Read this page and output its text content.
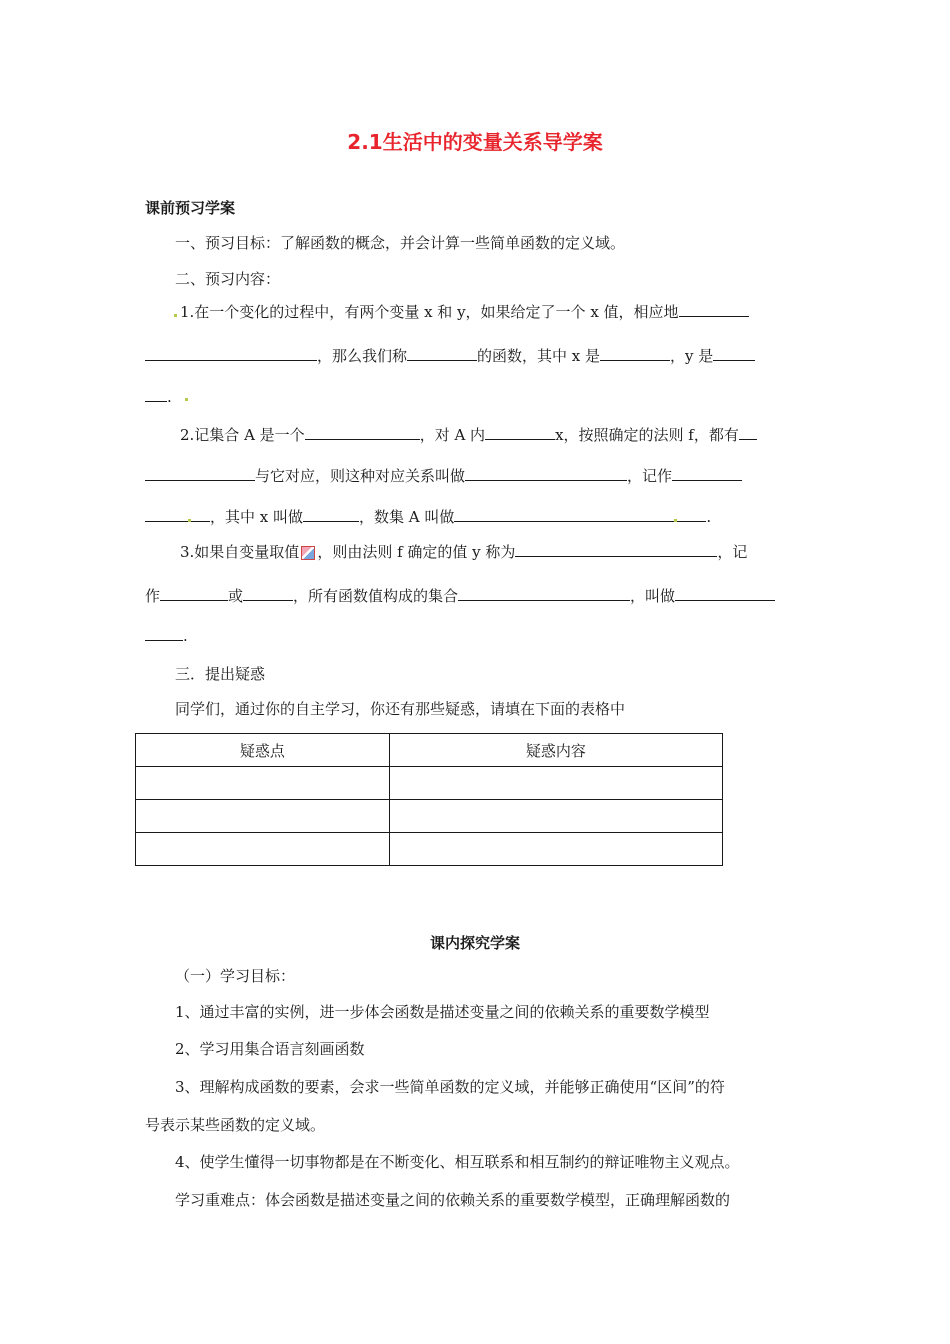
2.1生活中的变量关系导学案
课前预习学案
一、预习目标：了解函数的概念，并会计算一些简单函数的定义域。
二、预习内容：
1.在一个变化的过程中，有两个变量 x 和 y，如果给定了一个 x 值，相应地
，那么我们称	的函数，其中 x 是	，y 是
.
2.记集合 A 是一个	，对 A 内	x，按照确定的法则 f，都有
与它对应，则这种对应关系叫做	，记作
，其中 x 叫做	，数集 A 叫做	.
3.如果自变量取值 ，则由法则 f 确定的值 y 称为	，记
作	或	，所有函数值构成的集合	，叫做
.
三．提出疑惑
同学们，通过你的自主学习，你还有那些疑惑，请填在下面的表格中
疑惑点	疑惑内容

课内探究学案
（一）学习目标：
1、通过丰富的实例，进一步体会函数是描述变量之间的依赖关系的重要数学模型
2、学习用集合语言刻画函数
3、理解构成函数的要素，会求一些简单函数的定义域，并能够正确使用“区间”的符
号表示某些函数的定义域。
4、使学生懂得一切事物都是在不断变化、相互联系和相互制约的辩证唯物主义观点。
学习重难点：体会函数是描述变量之间的依赖关系的重要数学模型，正确理解函数的
